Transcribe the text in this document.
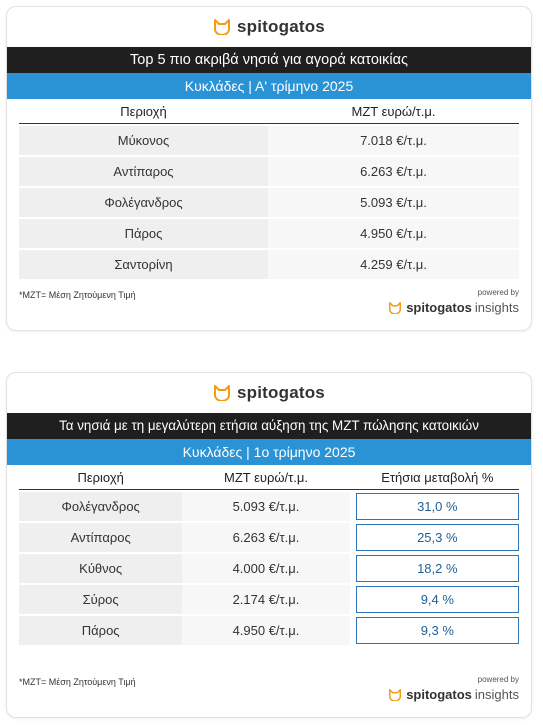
spitogatos
Top 5 πιο ακριβά νησιά για αγορά κατοικίας
Κυκλάδες | Α' τρίμηνο 2025
Περιοχή	ΜΖΤ ευρώ/τ.μ.
Μύκονος	7.018 €/τ.μ.
Αντίπαρος	6.263 €/τ.μ.
Φολέγανδρος	5.093 €/τ.μ.
Πάρος	4.950 €/τ.μ.
Σαντορίνη	4.259 €/τ.μ.
*ΜΖΤ= Μέση Ζητούμενη Τιμή	powered by
spitogatos insights
spitogatos
Τα νησιά με τη μεγαλύτερη ετήσια αύξηση της ΜΖΤ πώλησης κατοικιών
Κυκλάδες | 1ο τρίμηνο 2025
Περιοχή	ΜΖΤ ευρώ/τ.μ.	Ετήσια μεταβολή %
Φολέγανδρος	5.093 €/τ.μ.	31,0 %
Αντίπαρος	6.263 €/τ.μ.	25,3 %
Κύθνος	4.000 €/τ.μ.	18,2 %
Σύρος	2.174 €/τ.μ.	9,4 %
Πάρος	4.950 €/τ.μ.	9,3 %
*ΜΖΤ= Μέση Ζητούμενη Τιμή	powered by
spitogatos insights
